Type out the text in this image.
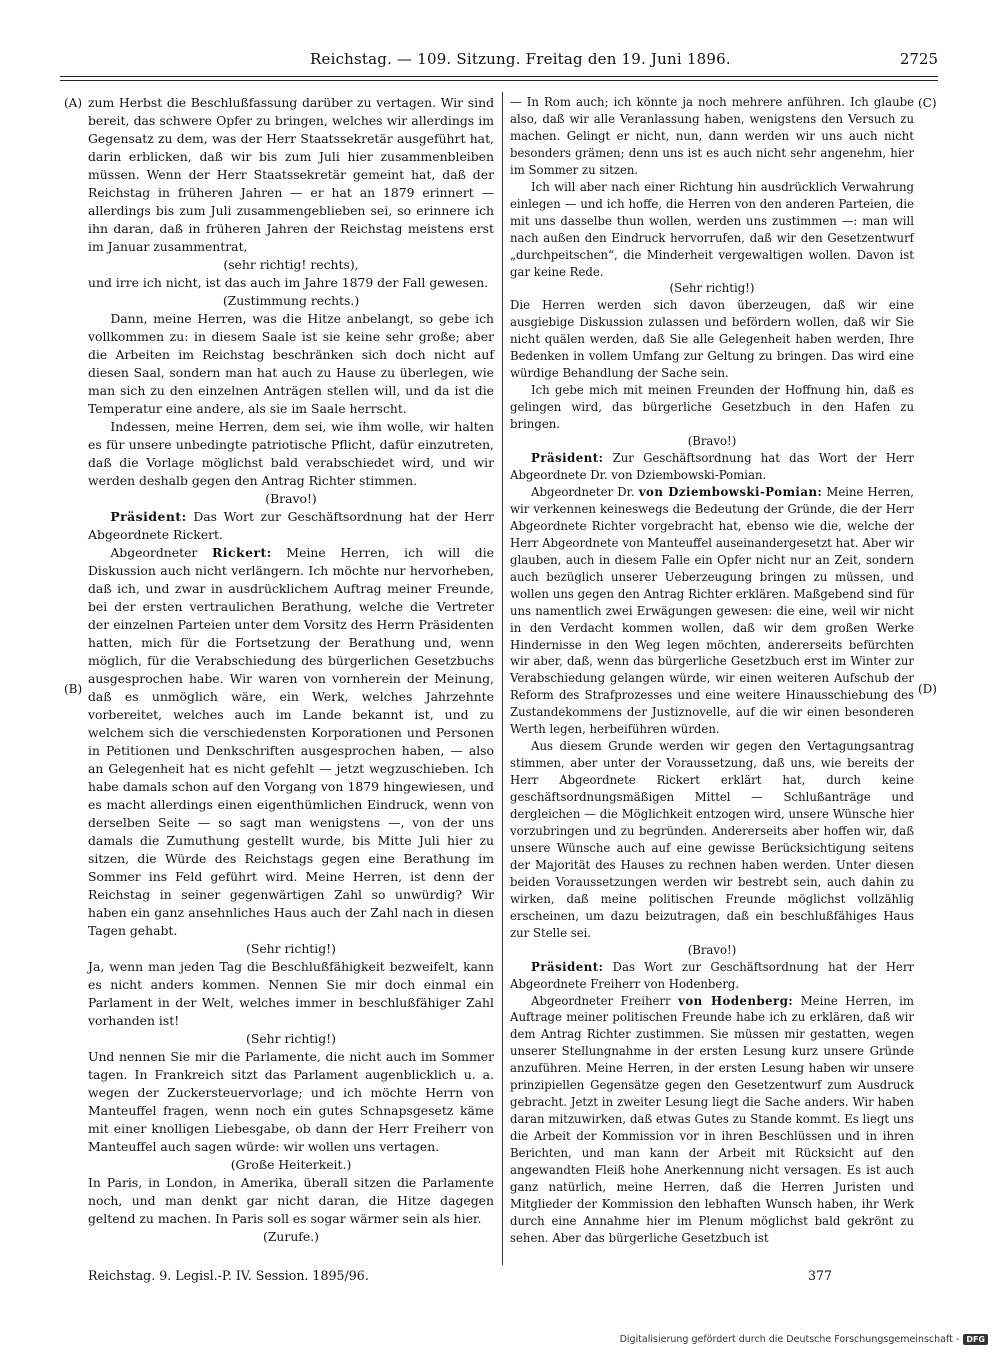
Reichstag. — 109. Sitzung. Freitag den 19. Juni 1896.	2725
(A)
(B)
(C)
(D)

zum Herbst die Beschlußfassung darüber zu vertagen. Wir sind bereit, das schwere Opfer zu bringen, welches wir allerdings im Gegensatz zu dem, was der Herr Staatssekretär ausgeführt hat, darin erblicken, daß wir bis zum Juli hier zusammenbleiben müssen. Wenn der Herr Staatssekretär gemeint hat, daß der Reichstag in früheren Jahren — er hat an 1879 erinnert — allerdings bis zum Juli zusammengeblieben sei, so erinnere ich ihn daran, daß in früheren Jahren der Reichstag meistens erst im Januar zusammentrat,

(sehr richtig! rechts),

und irre ich nicht, ist das auch im Jahre 1879 der Fall gewesen.

(Zustimmung rechts.)

Dann, meine Herren, was die Hitze anbelangt, so gebe ich vollkommen zu: in diesem Saale ist sie keine sehr große; aber die Arbeiten im Reichstag beschränken sich doch nicht auf diesen Saal, sondern man hat auch zu Hause zu überlegen, wie man sich zu den einzelnen Anträgen stellen will, und da ist die Temperatur eine andere, als sie im Saale herrscht.

Indessen, meine Herren, dem sei, wie ihm wolle, wir halten es für unsere unbedingte patriotische Pflicht, dafür einzutreten, daß die Vorlage möglichst bald verabschiedet wird, und wir werden deshalb gegen den Antrag Richter stimmen.

(Bravo!)

Präsident: Das Wort zur Geschäftsordnung hat der Herr Abgeordnete Rickert.

Abgeordneter Rickert: Meine Herren, ich will die Diskussion auch nicht verlängern. Ich möchte nur hervorheben, daß ich, und zwar in ausdrücklichem Auftrag meiner Freunde, bei der ersten vertraulichen Berathung, welche die Vertreter der einzelnen Parteien unter dem Vorsitz des Herrn Präsidenten hatten, mich für die Fortsetzung der Berathung und, wenn möglich, für die Verabschiedung des bürgerlichen Gesetzbuchs ausgesprochen habe. Wir waren von vornherein der Meinung, daß es unmöglich wäre, ein Werk, welches Jahrzehnte vorbereitet, welches auch im Lande bekannt ist, und zu welchem sich die verschiedensten Korporationen und Personen in Petitionen und Denkschriften ausgesprochen haben, — also an Gelegenheit hat es nicht gefehlt — jetzt wegzuschieben. Ich habe damals schon auf den Vorgang von 1879 hingewiesen, und es macht allerdings einen eigenthümlichen Eindruck, wenn von derselben Seite — so sagt man wenigstens —, von der uns damals die Zumuthung gestellt wurde, bis Mitte Juli hier zu sitzen, die Würde des Reichstags gegen eine Berathung im Sommer ins Feld geführt wird. Meine Herren, ist denn der Reichstag in seiner gegenwärtigen Zahl so unwürdig? Wir haben ein ganz ansehnliches Haus auch der Zahl nach in diesen Tagen gehabt.

(Sehr richtig!)

Ja, wenn man jeden Tag die Beschlußfähigkeit bezweifelt, kann es nicht anders kommen. Nennen Sie mir doch einmal ein Parlament in der Welt, welches immer in beschlußfähiger Zahl vorhanden ist!

(Sehr richtig!)

Und nennen Sie mir die Parlamente, die nicht auch im Sommer tagen. In Frankreich sitzt das Parlament augenblicklich u. a. wegen der Zuckersteuervorlage; und ich möchte Herrn von Manteuffel fragen, wenn noch ein gutes Schnapsgesetz käme mit einer knolligen Liebesgabe, ob dann der Herr Freiherr von Manteuffel auch sagen würde: wir wollen uns vertagen.

(Große Heiterkeit.)

In Paris, in London, in Amerika, überall sitzen die Parlamente noch, und man denkt gar nicht daran, die Hitze dagegen geltend zu machen. In Paris soll es sogar wärmer sein als hier.

(Zurufe.)

— In Rom auch; ich könnte ja noch mehrere anführen. Ich glaube also, daß wir alle Veranlassung haben, wenigstens den Versuch zu machen. Gelingt er nicht, nun, dann werden wir uns auch nicht besonders grämen; denn uns ist es auch nicht sehr angenehm, hier im Sommer zu sitzen.

Ich will aber nach einer Richtung hin ausdrücklich Verwahrung einlegen — und ich hoffe, die Herren von den anderen Parteien, die mit uns dasselbe thun wollen, werden uns zustimmen —: man will nach außen den Eindruck hervorrufen, daß wir den Gesetzentwurf „durchpeitschen“, die Minderheit vergewaltigen wollen. Davon ist gar keine Rede.

(Sehr richtig!)

Die Herren werden sich davon überzeugen, daß wir eine ausgiebige Diskussion zulassen und befördern wollen, daß wir Sie nicht quälen werden, daß Sie alle Gelegenheit haben werden, Ihre Bedenken in vollem Umfang zur Geltung zu bringen. Das wird eine würdige Behandlung der Sache sein.

Ich gebe mich mit meinen Freunden der Hoffnung hin, daß es gelingen wird, das bürgerliche Gesetzbuch in den Hafen zu bringen.

(Bravo!)

Präsident: Zur Geschäftsordnung hat das Wort der Herr Abgeordnete Dr. von Dziembowski-Pomian.

Abgeordneter Dr. von Dziembowski-Pomian: Meine Herren, wir verkennen keineswegs die Bedeutung der Gründe, die der Herr Abgeordnete Richter vorgebracht hat, ebenso wie die, welche der Herr Abgeordnete von Manteuffel auseinandergesetzt hat. Aber wir glauben, auch in diesem Falle ein Opfer nicht nur an Zeit, sondern auch bezüglich unserer Ueberzeugung bringen zu müssen, und wollen uns gegen den Antrag Richter erklären. Maßgebend sind für uns namentlich zwei Erwägungen gewesen: die eine, weil wir nicht in den Verdacht kommen wollen, daß wir dem großen Werke Hindernisse in den Weg legen möchten, andererseits befürchten wir aber, daß, wenn das bürgerliche Gesetzbuch erst im Winter zur Verabschiedung gelangen würde, wir einen weiteren Aufschub der Reform des Strafprozesses und eine weitere Hinausschiebung des Zustandekommens der Justiznovelle, auf die wir einen besonderen Werth legen, herbeiführen würden.

Aus diesem Grunde werden wir gegen den Vertagungsantrag stimmen, aber unter der Voraussetzung, daß uns, wie bereits der Herr Abgeordnete Rickert erklärt hat, durch keine geschäftsordnungsmäßigen Mittel — Schlußanträge und dergleichen — die Möglichkeit entzogen wird, unsere Wünsche hier vorzubringen und zu begründen. Andererseits aber hoffen wir, daß unsere Wünsche auch auf eine gewisse Berücksichtigung seitens der Majorität des Hauses zu rechnen haben werden. Unter diesen beiden Voraussetzungen werden wir bestrebt sein, auch dahin zu wirken, daß meine politischen Freunde möglichst vollzählig erscheinen, um dazu beizutragen, daß ein beschlußfähiges Haus zur Stelle sei.

(Bravo!)

Präsident: Das Wort zur Geschäftsordnung hat der Herr Abgeordnete Freiherr von Hodenberg.

Abgeordneter Freiherr von Hodenberg: Meine Herren, im Auftrage meiner politischen Freunde habe ich zu erklären, daß wir dem Antrag Richter zustimmen. Sie müssen mir gestatten, wegen unserer Stellungnahme in der ersten Lesung kurz unsere Gründe anzuführen. Meine Herren, in der ersten Lesung haben wir unsere prinzipiellen Gegensätze gegen den Gesetzentwurf zum Ausdruck gebracht. Jetzt in zweiter Lesung liegt die Sache anders. Wir haben daran mitzuwirken, daß etwas Gutes zu Stande kommt. Es liegt uns die Arbeit der Kommission vor in ihren Beschlüssen und in ihren Berichten, und man kann der Arbeit mit Rücksicht auf den angewandten Fleiß hohe Anerkennung nicht versagen. Es ist auch ganz natürlich, meine Herren, daß die Herren Juristen und Mitglieder der Kommission den lebhaften Wunsch haben, ihr Werk durch eine Annahme hier im Plenum möglichst bald gekrönt zu sehen. Aber das bürgerliche Gesetzbuch ist

Reichstag. 9. Legisl.-P. IV. Session. 1895/96.	377
Digitalisierung gefördert durch die Deutsche Forschungsgemeinschaft - DFG
